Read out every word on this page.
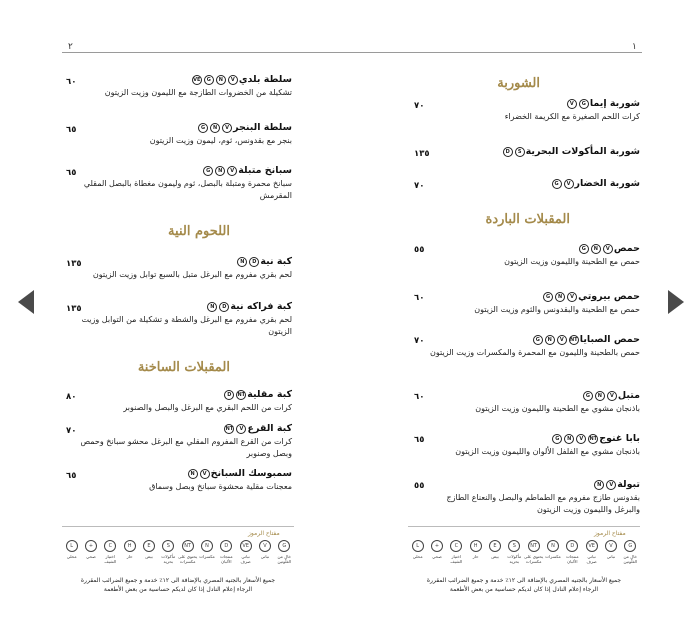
٢	١
الشوربة
شوربة إيما
G
V
كرات اللحم الصغيرة مع الكريمة الخضراء
٧٠
شوربة المأكولات البحرية
S
D
١٣٥
شوربة الخضار
V
G
٧٠
المقبلات الباردة
حمص
V
N
G
حمص مع الطحينة والليمون وزيت الزيتون
٥٥
حمص بيروتي
V
N
G
حمص مع الطحينة والبقدونس والثوم وزيت الزيتون
٦٠
حمص الصبايا
NT
V
N
G
حمص بالطحينة والليمون مع المحمرة والمكسرات وزيت الزيتون
٧٠
متبل
V
N
G
باذنجان مشوي مع الطحينة والليمون وزيت الزيتون
٦٠
بابا غنوج
NT
V
N
G
باذنجان مشوي مع الفلفل الألوان والليمون وزيت الزيتون
٦٥
تبولة
V
N
بقدونس طازج مفروم مع الطماطم والبصل والنعناع الطازج والبرغل والليمون وزيت الزيتون
٥٥
سلطة بلدي
V
N
G
VE
تشكيلة من الخضروات الطازجة مع الليمون وزيت الزيتون
٦٠
سلطة البنجر
V
N
G
بنجر مع بقدونس، ثوم، ليمون وزيت الزيتون
٦٥
سبانخ متبلة
V
N
G
سبانخ محمرة ومتبلة بالبصل، ثوم وليمون مغطاة بالبصل المقلي المقرمش
٦٥
اللحوم النية
كبة نية
D
N
لحم بقري مفروم مع البرغل متبل بالسبع توابل وزيت الزيتون
١٣٥
كبة فراكه نية
D
N
لحم بقري مفروم مع البرغل والشطة و تشكيلة من التوابل وزيت الزيتون
١٣٥
المقبلات الساخنة
كبة مقلية
NT
D
كرات من اللحم البقري مع البرغل والبصل والصنوبر
٨٠
كبة القرع
V
NT
كرات من القرع المفروم المقلي مع البرغل محشو سبانخ وحمص وبصل وصنوبر
٧٠
سمبوسك السبانخ
V
N
معجنات مقلية محشوة سبانخ وبصل وسماق
٦٥
مفتاح الرموز	مفتاح الرموز
G
خالٍ من الغلوتين
V
نباتي
VE
نباتي صرف
D
منتجات الألبان
N
مكسرات
NT
يحتوي على مكسرات
S
مأكولات بحرية
E
بيض
H
حار
C
اختيار الشيف
+
صحي
L
محلي
G
خالٍ من الغلوتين
V
نباتي
VE
نباتي صرف
D
منتجات الألبان
N
مكسرات
NT
يحتوي على مكسرات
S
مأكولات بحرية
E
بيض
H
حار
C
اختيار الشيف
+
صحي
L
محلي
جميع الأسعار بالجنيه المصري بالإضافة الى ١٢٪ خدمة و جميع الضرائب المقررة
الرجاء إعلام النادل إذا كان لديكم حساسية من بعض الأطعمة
جميع الأسعار بالجنيه المصري بالإضافة الى ١٢٪ خدمة و جميع الضرائب المقررة
الرجاء إعلام النادل إذا كان لديكم حساسية من بعض الأطعمة
